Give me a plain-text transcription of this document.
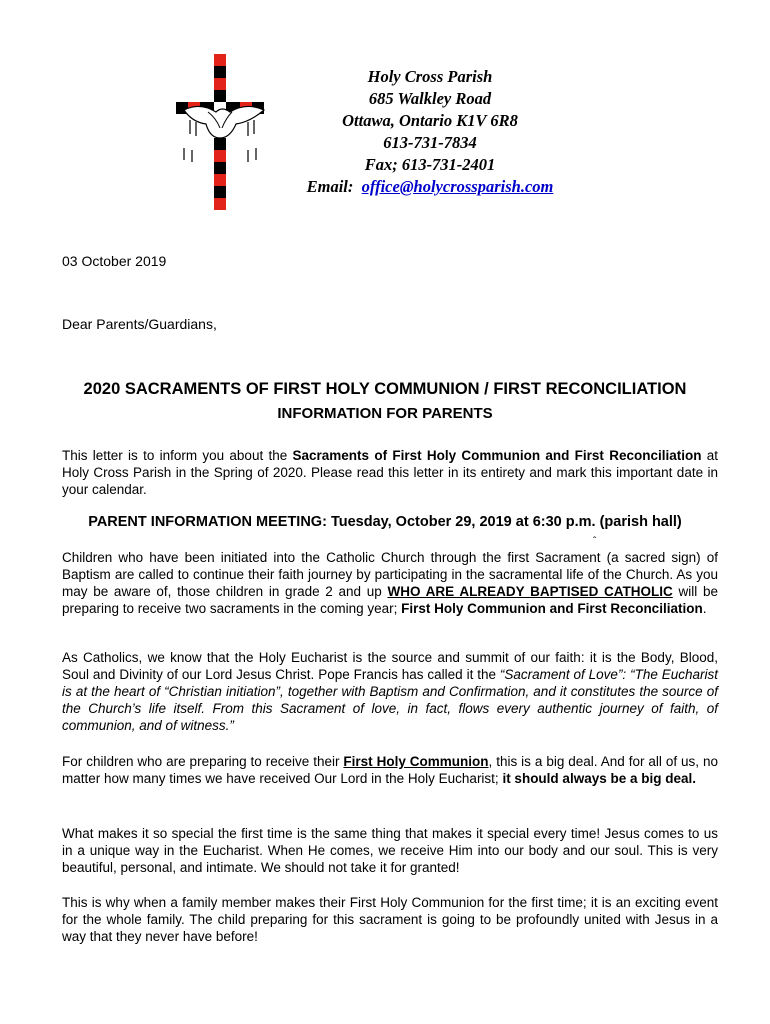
Holy Cross Parish
685 Walkley Road
Ottawa, Ontario K1V 6R8
613-731-7834
Fax; 613-731-2401
Email: office@holycrossparish.com
03 October 2019
Dear Parents/Guardians,
2020 SACRAMENTS OF FIRST HOLY COMMUNION / FIRST RECONCILIATION
INFORMATION FOR PARENTS

This letter is to inform you about the Sacraments of First Holy Communion and First Reconciliation at Holy Cross Parish in the Spring of 2020. Please read this letter in its entirety and mark this important date in your calendar.

PARENT INFORMATION MEETING: Tuesday, October 29, 2019 at 6:30 p.m. (parish hall)
ˆ

Children who have been initiated into the Catholic Church through the first Sacrament (a sacred sign) of Baptism are called to continue their faith journey by participating in the sacramental life of the Church. As you may be aware of, those children in grade 2 and up WHO ARE ALREADY BAPTISED CATHOLIC will be preparing to receive two sacraments in the coming year; First Holy Communion and First Reconciliation.

As Catholics, we know that the Holy Eucharist is the source and summit of our faith: it is the Body, Blood, Soul and Divinity of our Lord Jesus Christ. Pope Francis has called it the “Sacrament of Love”: “The Eucharist is at the heart of “Christian initiation”, together with Baptism and Confirmation, and it constitutes the source of the Church’s life itself. From this Sacrament of love, in fact, flows every authentic journey of faith, of communion, and of witness.”

For children who are preparing to receive their First Holy Communion, this is a big deal. And for all of us, no matter how many times we have received Our Lord in the Holy Eucharist; it should always be a big deal.

What makes it so special the first time is the same thing that makes it special every time! Jesus comes to us in a unique way in the Eucharist. When He comes, we receive Him into our body and our soul. This is very beautiful, personal, and intimate. We should not take it for granted!

This is why when a family member makes their First Holy Communion for the first time; it is an exciting event for the whole family. The child preparing for this sacrament is going to be profoundly united with Jesus in a way that they never have before!
